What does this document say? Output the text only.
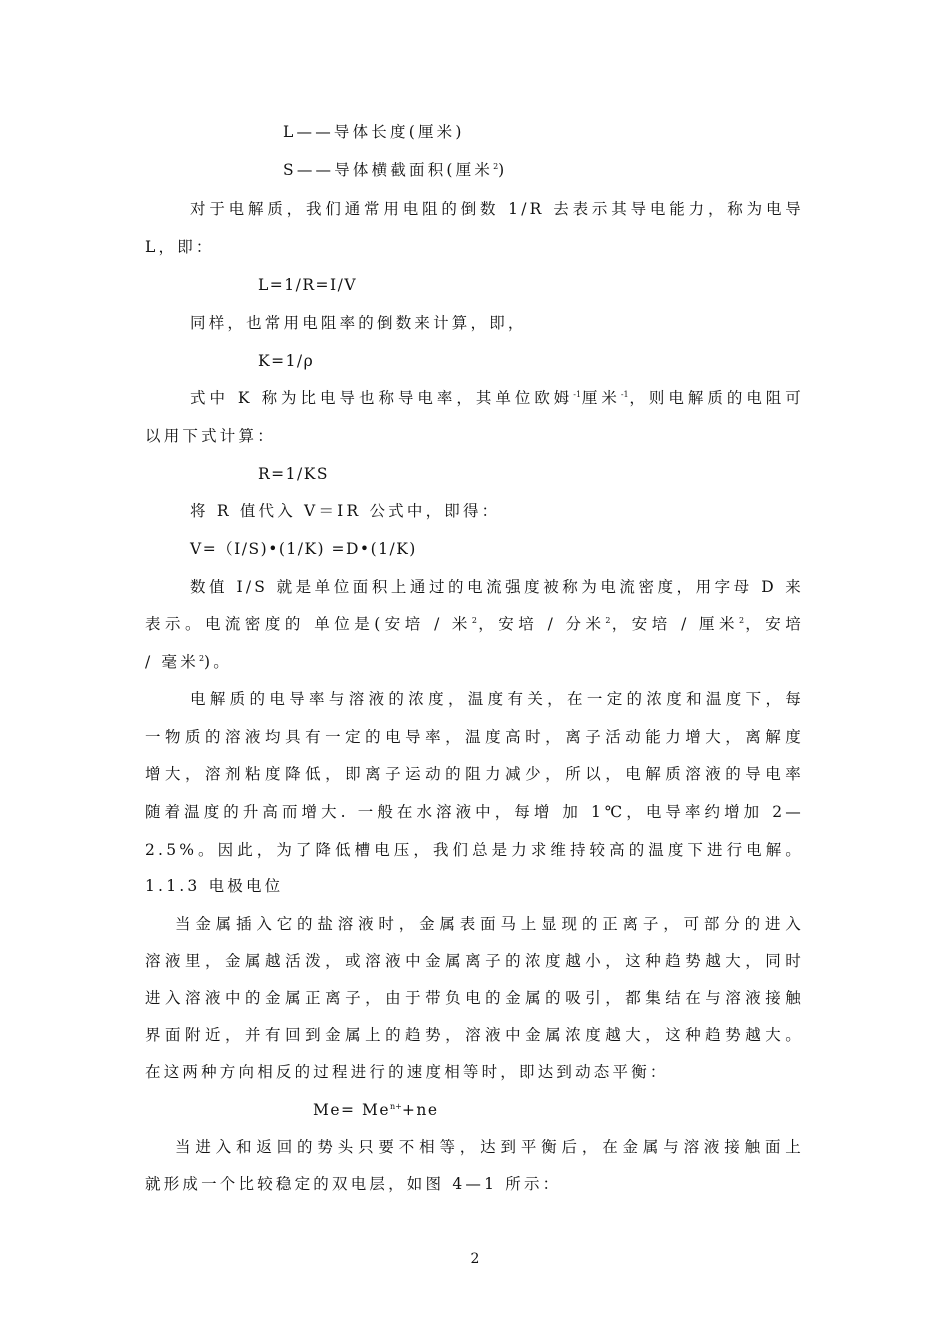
L——导体长度(厘米)
S——导体横截面积(厘米$^2$)
对于电解质，我们通常用电阻的倒数 1/R 去表示其导电能力，称为电导
L，即：
L=1/R=I/V
同样，也常用电阻率的倒数来计算，即，
K=1/ρ
式中 K 称为比电导也称导电率，其单位欧姆$^{-1}$厘米$^{-1}$，则电解质的电阻可
以用下式计算：
R=1/KS
将 R 值代入 V＝IR 公式中，即得：
V=（I/S)•(1/K) =D•(1/K)
数值 I/S 就是单位面积上通过的电流强度被称为电流密度，用字母 D 来
表示。电流密度的 单位是(安培 / 米$^2$，安培 / 分米$^2$，安培 / 厘米$^2$，安培
/ 毫米$^2$)。
电解质的电导率与溶液的浓度，温度有关，在一定的浓度和温度下，每
一物质的溶液均具有一定的电导率，温度高时，离子活动能力增大，离解度
增大，溶剂粘度降低，即离子运动的阻力减少，所以，电解质溶液的导电率
随着温度的升高而增大. 一般在水溶液中，每增 加 1℃，电导率约增加 2—
2.5%。因此，为了降低槽电压，我们总是力求维持较高的温度下进行电解。
1.1.3 电极电位
当金属插入它的盐溶液时，金属表面马上显现的正离子，可部分的进入
溶液里，金属越活泼，或溶液中金属离子的浓度越小，这种趋势越大，同时
进入溶液中的金属正离子，由于带负电的金属的吸引，都集结在与溶液接触
界面附近，并有回到金属上的趋势，溶液中金属浓度越大，这种趋势越大。
在这两种方向相反的过程进行的速度相等时，即达到动态平衡：
$Me= Me^{n+}+ne$
当进入和返回的势头只要不相等，达到平衡后，在金属与溶液接触面上
就形成一个比较稳定的双电层，如图 4—1 所示：
2
